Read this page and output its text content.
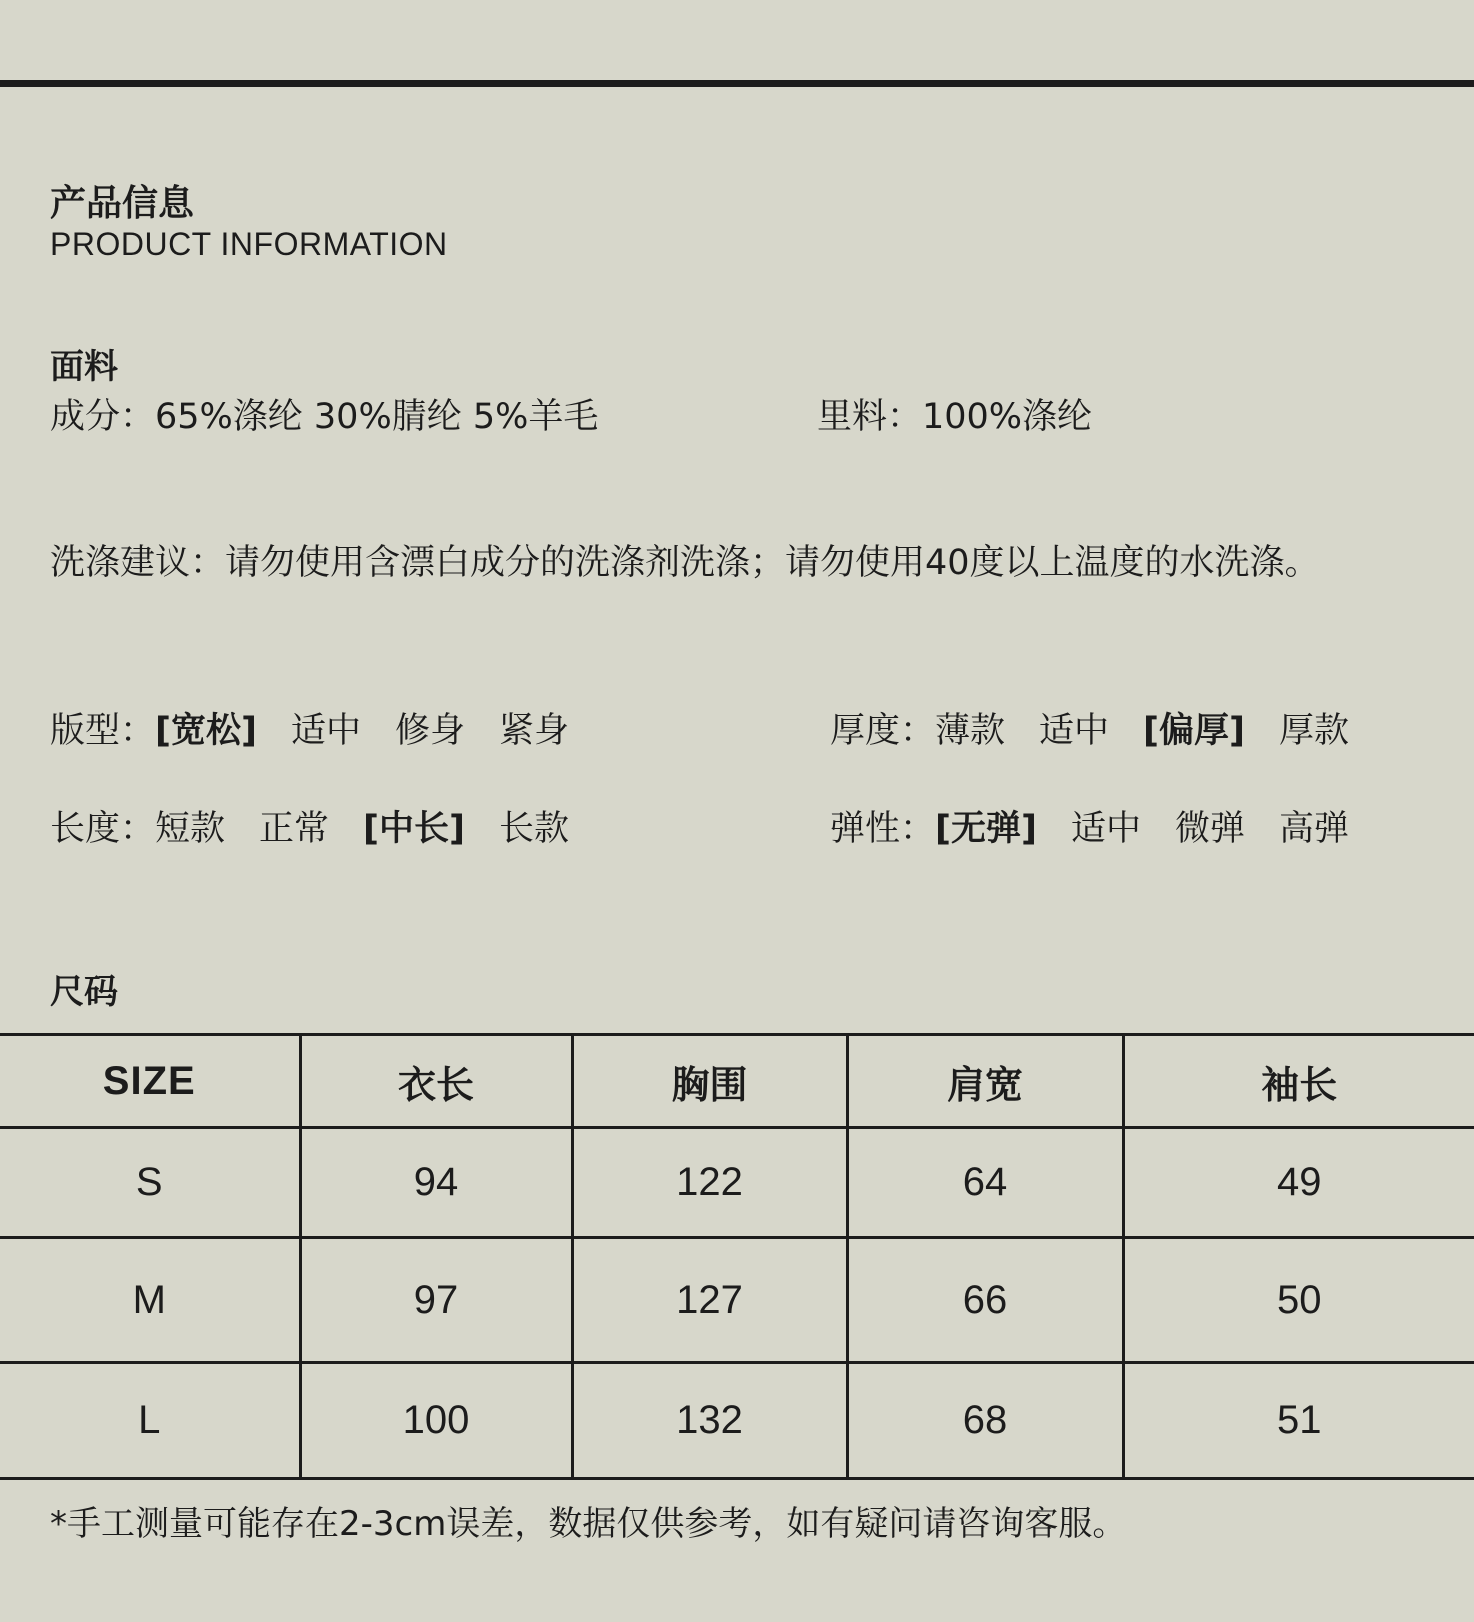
产品信息
PRODUCT INFORMATION
面料
成分：65%涤纶 30%腈纶 5%羊毛	里料：100%涤纶
洗涤建议：请勿使用含漂白成分的洗涤剂洗涤；请勿使用40度以上温度的水洗涤。
版型：[宽松] 适中 修身 紧身	厚度：薄款 适中 [偏厚] 厚款
长度：短款 正常 [中长] 长款	弹性：[无弹] 适中 微弹 高弹
尺码
SIZE	衣长	胸围	肩宽	袖长
S	94	122	64	49
M	97	127	66	50
L	100	132	68	51
*手工测量可能存在2-3cm误差，数据仅供参考，如有疑问请咨询客服。
